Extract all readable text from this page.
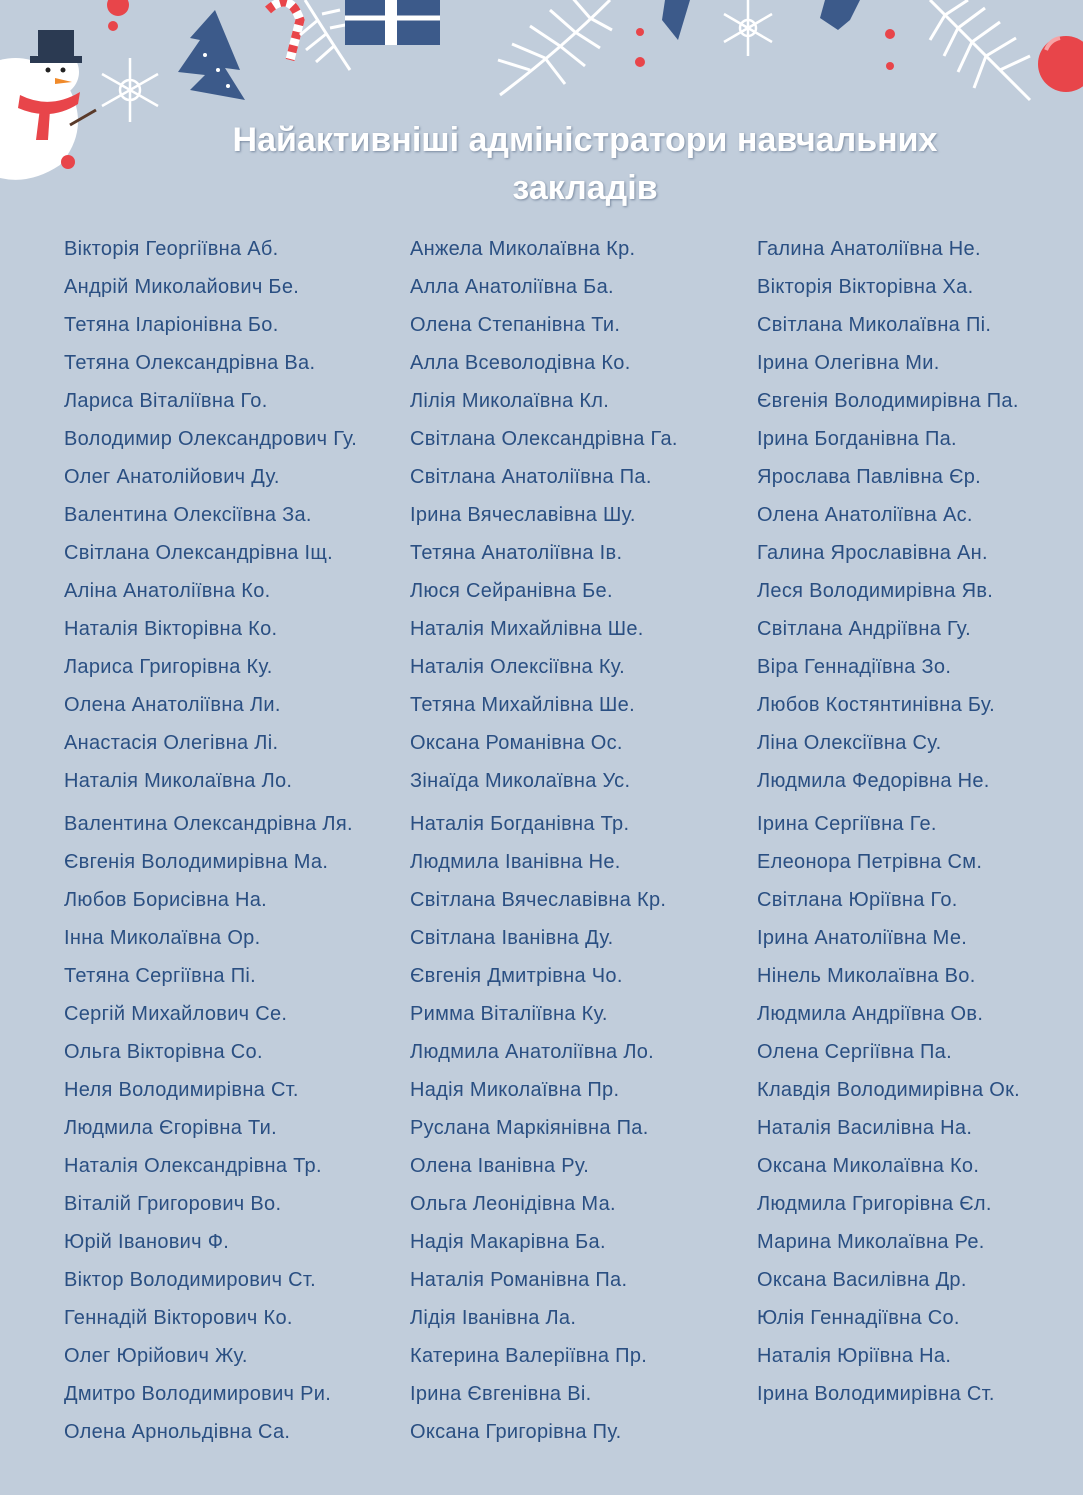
Найактивніші адміністратори навчальних
закладів
Вікторія Георгіївна Аб.
Андрій Миколайович Бе.
Тетяна Іларіонівна Бо.
Тетяна Олександрівна Ва.
Лариса Віталіївна Го.
Володимир Олександрович Гу.
Олег Анатолійович Ду.
Валентина Олексіївна За.
Світлана Олександрівна Іщ.
Аліна Анатоліївна Ко.
Наталія Вікторівна Ко.
Лариса Григорівна Ку.
Олена Анатоліївна Ли.
Анастасія Олегівна Лі.
Наталія Миколаївна Ло.
Валентина Олександрівна Ля.
Євгенія Володимирівна Ма.
Любов Борисівна На.
Інна Миколаївна Ор.
Тетяна Сергіївна Пі.
Сергій Михайлович Се.
Ольга Вікторівна Со.
Неля Володимирівна Ст.
Людмила Єгорівна Ти.
Наталія Олександрівна Тр.
Віталій Григорович Во.
Юрій Іванович Ф.
Віктор Володимирович Ст.
Геннадій Вікторович Ко.
Олег Юрійович Жу.
Дмитро Володимирович Ри.
Олена Арнольдівна Са.
Анжела Миколаївна Кр.
Алла Анатоліївна Ба.
Олена Степанівна Ти.
Алла Всеволодівна Ко.
Лілія Миколаївна Кл.
Світлана Олександрівна Га.
Світлана Анатоліївна Па.
Ірина Вячеславівна Шу.
Тетяна Анатоліївна Ів.
Люся Сейранівна Бе.
Наталія Михайлівна Ше.
Наталія Олексіївна Ку.
Тетяна Михайлівна Ше.
Оксана Романівна Ос.
Зінаїда Миколаївна Ус.
Наталія Богданівна Тр.
Людмила Іванівна Не.
Світлана Вячеславівна Кр.
Світлана Іванівна Ду.
Євгенія Дмитрівна Чо.
Римма Віталіївна Ку.
Людмила Анатоліївна Ло.
Надія Миколаївна Пр.
Руслана Маркіянівна Па.
Олена Іванівна Ру.
Ольга Леонідівна Ма.
Надія Макарівна Ба.
Наталія Романівна Па.
Лідія Іванівна Ла.
Катерина Валеріївна Пр.
Ірина Євгенівна Ві.
Оксана Григорівна Пу.
Галина Анатоліївна Не.
Вікторія Вікторівна Ха.
Світлана Миколаївна Пі.
Ірина Олегівна Ми.
Євгенія Володимирівна Па.
Ірина Богданівна Па.
Ярослава Павлівна Єр.
Олена Анатоліївна Ас.
Галина Ярославівна Ан.
Леся Володимирівна Яв.
Світлана Андріївна Гу.
Віра Геннадіївна Зо.
Любов Костянтинівна Бу.
Ліна Олексіївна Су.
Людмила Федорівна Не.
Ірина Сергіївна Ге.
Елеонора Петрівна См.
Світлана Юріївна Го.
Ірина Анатоліївна Ме.
Нінель Миколаївна Во.
Людмила Андріївна Ов.
Олена Сергіївна Па.
Клавдія Володимирівна Ок.
Наталія Василівна На.
Оксана Миколаївна Ко.
Людмила Григорівна Єл.
Марина Миколаївна Ре.
Оксана Василівна Др.
Юлія Геннадіївна Со.
Наталія Юріївна На.
Ірина Володимирівна Ст.
